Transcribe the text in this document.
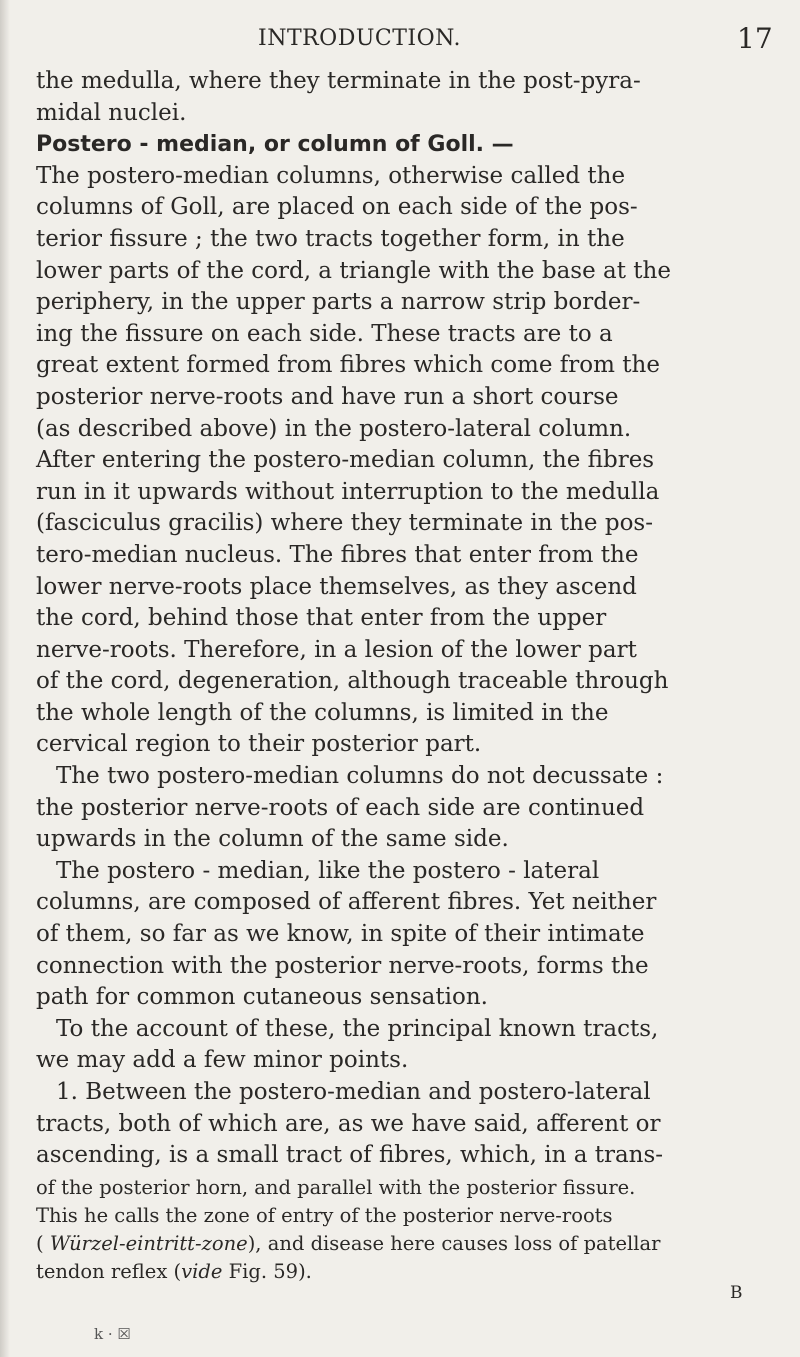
INTRODUCTION.	17
the medulla, where they terminate in the post-pyra-
midal nuclei.
Postero - median, or column of Goll. —
The postero-median columns, otherwise called the
columns of Goll, are placed on each side of the pos-
terior fissure ; the two tracts together form, in the
lower parts of the cord, a triangle with the base at the
periphery, in the upper parts a narrow strip border-
ing the fissure on each side. These tracts are to a
great extent formed from fibres which come from the
posterior nerve-roots and have run a short course
(as described above) in the postero-lateral column.
After entering the postero-median column, the fibres
run in it upwards without interruption to the medulla
(fasciculus gracilis) where they terminate in the pos-
tero-median nucleus. The fibres that enter from the
lower nerve-roots place themselves, as they ascend
the cord, behind those that enter from the upper
nerve-roots. Therefore, in a lesion of the lower part
of the cord, degeneration, although traceable through
the whole length of the columns, is limited in the
cervical region to their posterior part.
The two postero-median columns do not decussate :
the posterior nerve-roots of each side are continued
upwards in the column of the same side.
The postero - median, like the postero - lateral
columns, are composed of afferent fibres. Yet neither
of them, so far as we know, in spite of their intimate
connection with the posterior nerve-roots, forms the
path for common cutaneous sensation.
To the account of these, the principal known tracts,
we may add a few minor points.
1. Between the postero-median and postero-lateral
tracts, both of which are, as we have said, afferent or
ascending, is a small tract of fibres, which, in a trans-
of the posterior horn, and parallel with the posterior fissure.
This he calls the zone of entry of the posterior nerve-roots
( Würzel-eintritt-zone), and disease here causes loss of patellar
tendon reflex (vide Fig. 59).
B
k · ☒
